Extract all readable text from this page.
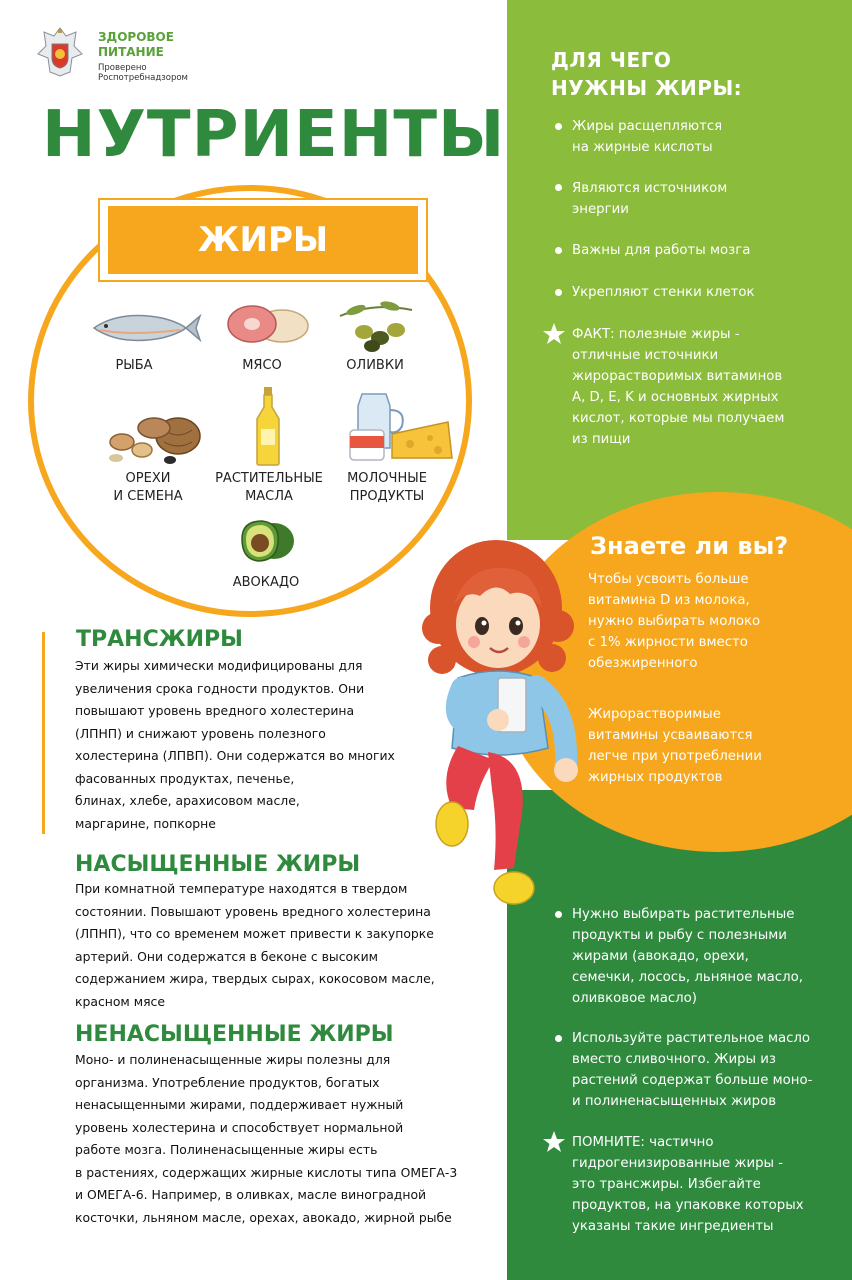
ЗДОРОВОЕ
ПИТАНИЕ
Проверено
Роспотребнадзором
НУТРИЕНТЫ
ЖИРЫ
РЫБА	МЯСО	ОЛИВКИ
ОРЕХИ
И СЕМЕНА
РАСТИТЕЛЬНЫЕ
МАСЛА
МОЛОЧНЫЕ
ПРОДУКТЫ
АВОКАДО
ТРАНСЖИРЫ
Эти жиры химически модифицированы для
увеличения срока годности продуктов. Они
повышают уровень вредного холестерина
(ЛПНП) и снижают уровень полезного
холестерина (ЛПВП). Они содержатся во многих
фасованных продуктах, печенье,
блинах, хлебе, арахисовом масле,
маргарине, попкорне
НАСЫЩЕННЫЕ ЖИРЫ
При комнатной температуре находятся в твердом
состоянии. Повышают уровень вредного холестерина
(ЛПНП), что со временем может привести к закупорке
артерий. Они содержатся в беконе с высоким
содержанием жира, твердых сырах, кокосовом масле,
красном мясе
НЕНАСЫЩЕННЫЕ ЖИРЫ
Моно- и полиненасыщенные жиры полезны для
организма. Употребление продуктов, богатых
ненасыщенными жирами, поддерживает нужный
уровень холестерина и способствует нормальной
работе мозга. Полиненасыщенные жиры есть
в растениях, содержащих жирные кислоты типа ОМЕГА-3
и ОМЕГА-6. Например, в оливках, масле виноградной
косточки, льняном масле, орехах, авокадо, жирной рыбе
ДЛЯ ЧЕГО
НУЖНЫ ЖИРЫ:
Жиры расщепляются
на жирные кислоты
Являются источником
энергии
Важны для работы мозга
Укрепляют стенки клеток
ФАКТ: полезные жиры -
отличные источники
жирорастворимых витаминов
A, D, E, K и основных жирных
кислот, которые мы получаем
из пищи
Знаете ли вы?
Чтобы усвоить больше
витамина D из молока,
нужно выбирать молоко
с 1% жирности вместо
обезжиренного
Жирорастворимые
витамины усваиваются
легче при употреблении
жирных продуктов
Нужно выбирать растительные
продукты и рыбу с полезными
жирами (авокадо, орехи,
семечки, лосось, льняное масло,
оливковое масло)
Используйте растительное масло
вместо сливочного. Жиры из
растений содержат больше моно-
и полиненасыщенных жиров
ПОМНИТЕ: частично
гидрогенизированные жиры -
это трансжиры. Избегайте
продуктов, на упаковке которых
указаны такие ингредиенты
